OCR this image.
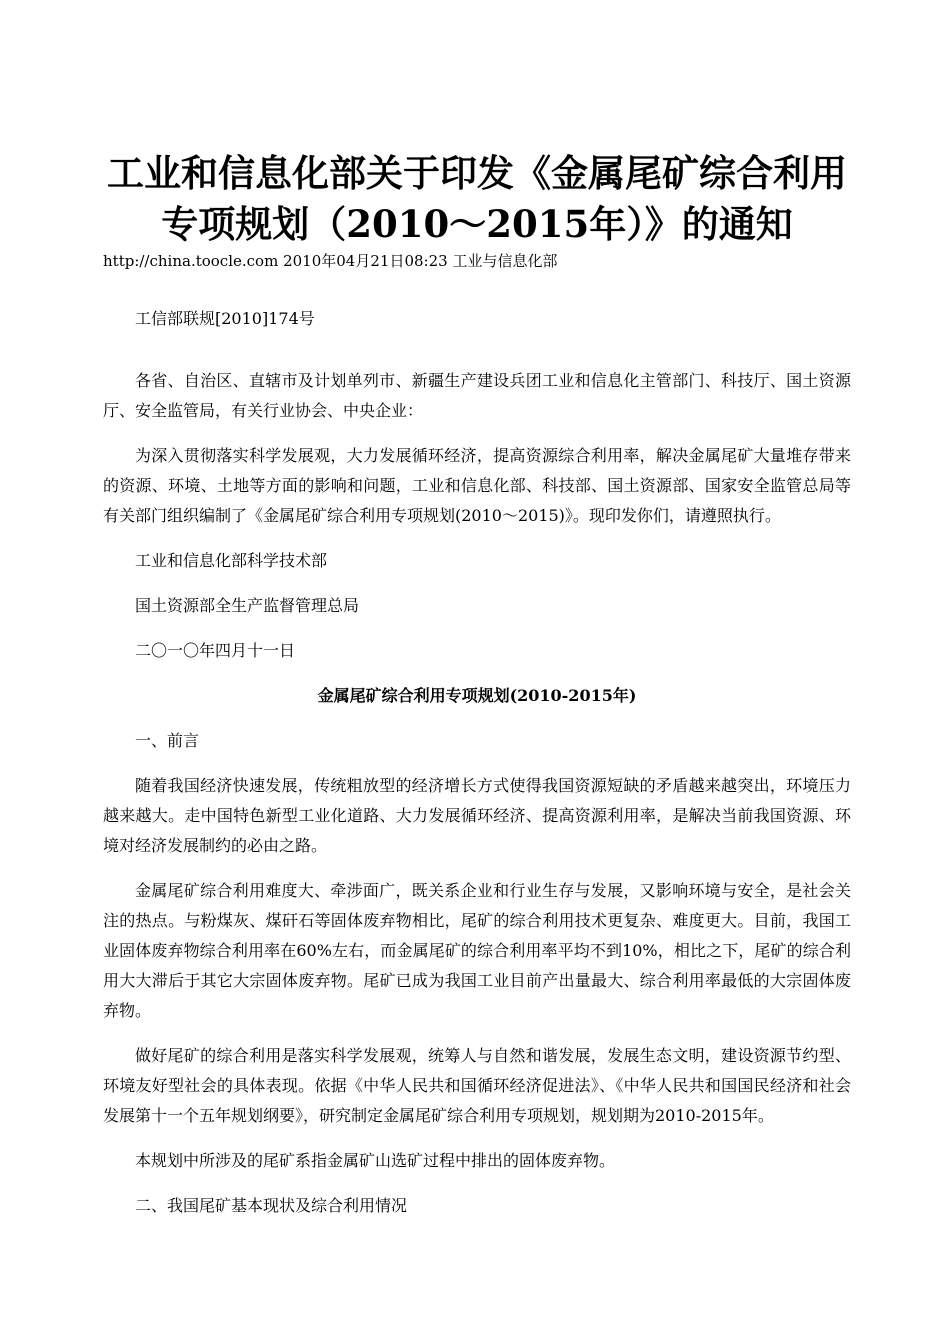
工业和信息化部关于印发《金属尾矿综合利用专项规划（2010～2015年）》的通知

http://china.toocle.com 2010年04月21日08:23 工业与信息化部

工信部联规[2010]174号

各省、自治区、直辖市及计划单列市、新疆生产建设兵团工业和信息化主管部门、科技厅、国土资源厅、安全监管局，有关行业协会、中央企业：

为深入贯彻落实科学发展观，大力发展循环经济，提高资源综合利用率，解决金属尾矿大量堆存带来的资源、环境、土地等方面的影响和问题，工业和信息化部、科技部、国土资源部、国家安全监管总局等有关部门组织编制了《金属尾矿综合利用专项规划(2010～2015)》。现印发你们，请遵照执行。

工业和信息化部科学技术部

国土资源部全生产监督管理总局

二〇一〇年四月十一日

金属尾矿综合利用专项规划(2010-2015年)

一、前言

随着我国经济快速发展，传统粗放型的经济增长方式使得我国资源短缺的矛盾越来越突出，环境压力越来越大。走中国特色新型工业化道路、大力发展循环经济、提高资源利用率，是解决当前我国资源、环境对经济发展制约的必由之路。

金属尾矿综合利用难度大、牵涉面广，既关系企业和行业生存与发展，又影响环境与安全，是社会关注的热点。与粉煤灰、煤矸石等固体废弃物相比，尾矿的综合利用技术更复杂、难度更大。目前，我国工业固体废弃物综合利用率在60%左右，而金属尾矿的综合利用率平均不到10%，相比之下，尾矿的综合利用大大滞后于其它大宗固体废弃物。尾矿已成为我国工业目前产出量最大、综合利用率最低的大宗固体废弃物。

做好尾矿的综合利用是落实科学发展观，统筹人与自然和谐发展，发展生态文明，建设资源节约型、环境友好型社会的具体表现。依据《中华人民共和国循环经济促进法》、《中华人民共和国国民经济和社会发展第十一个五年规划纲要》，研究制定金属尾矿综合利用专项规划，规划期为2010-2015年。

本规划中所涉及的尾矿系指金属矿山选矿过程中排出的固体废弃物。

二、我国尾矿基本现状及综合利用情况
